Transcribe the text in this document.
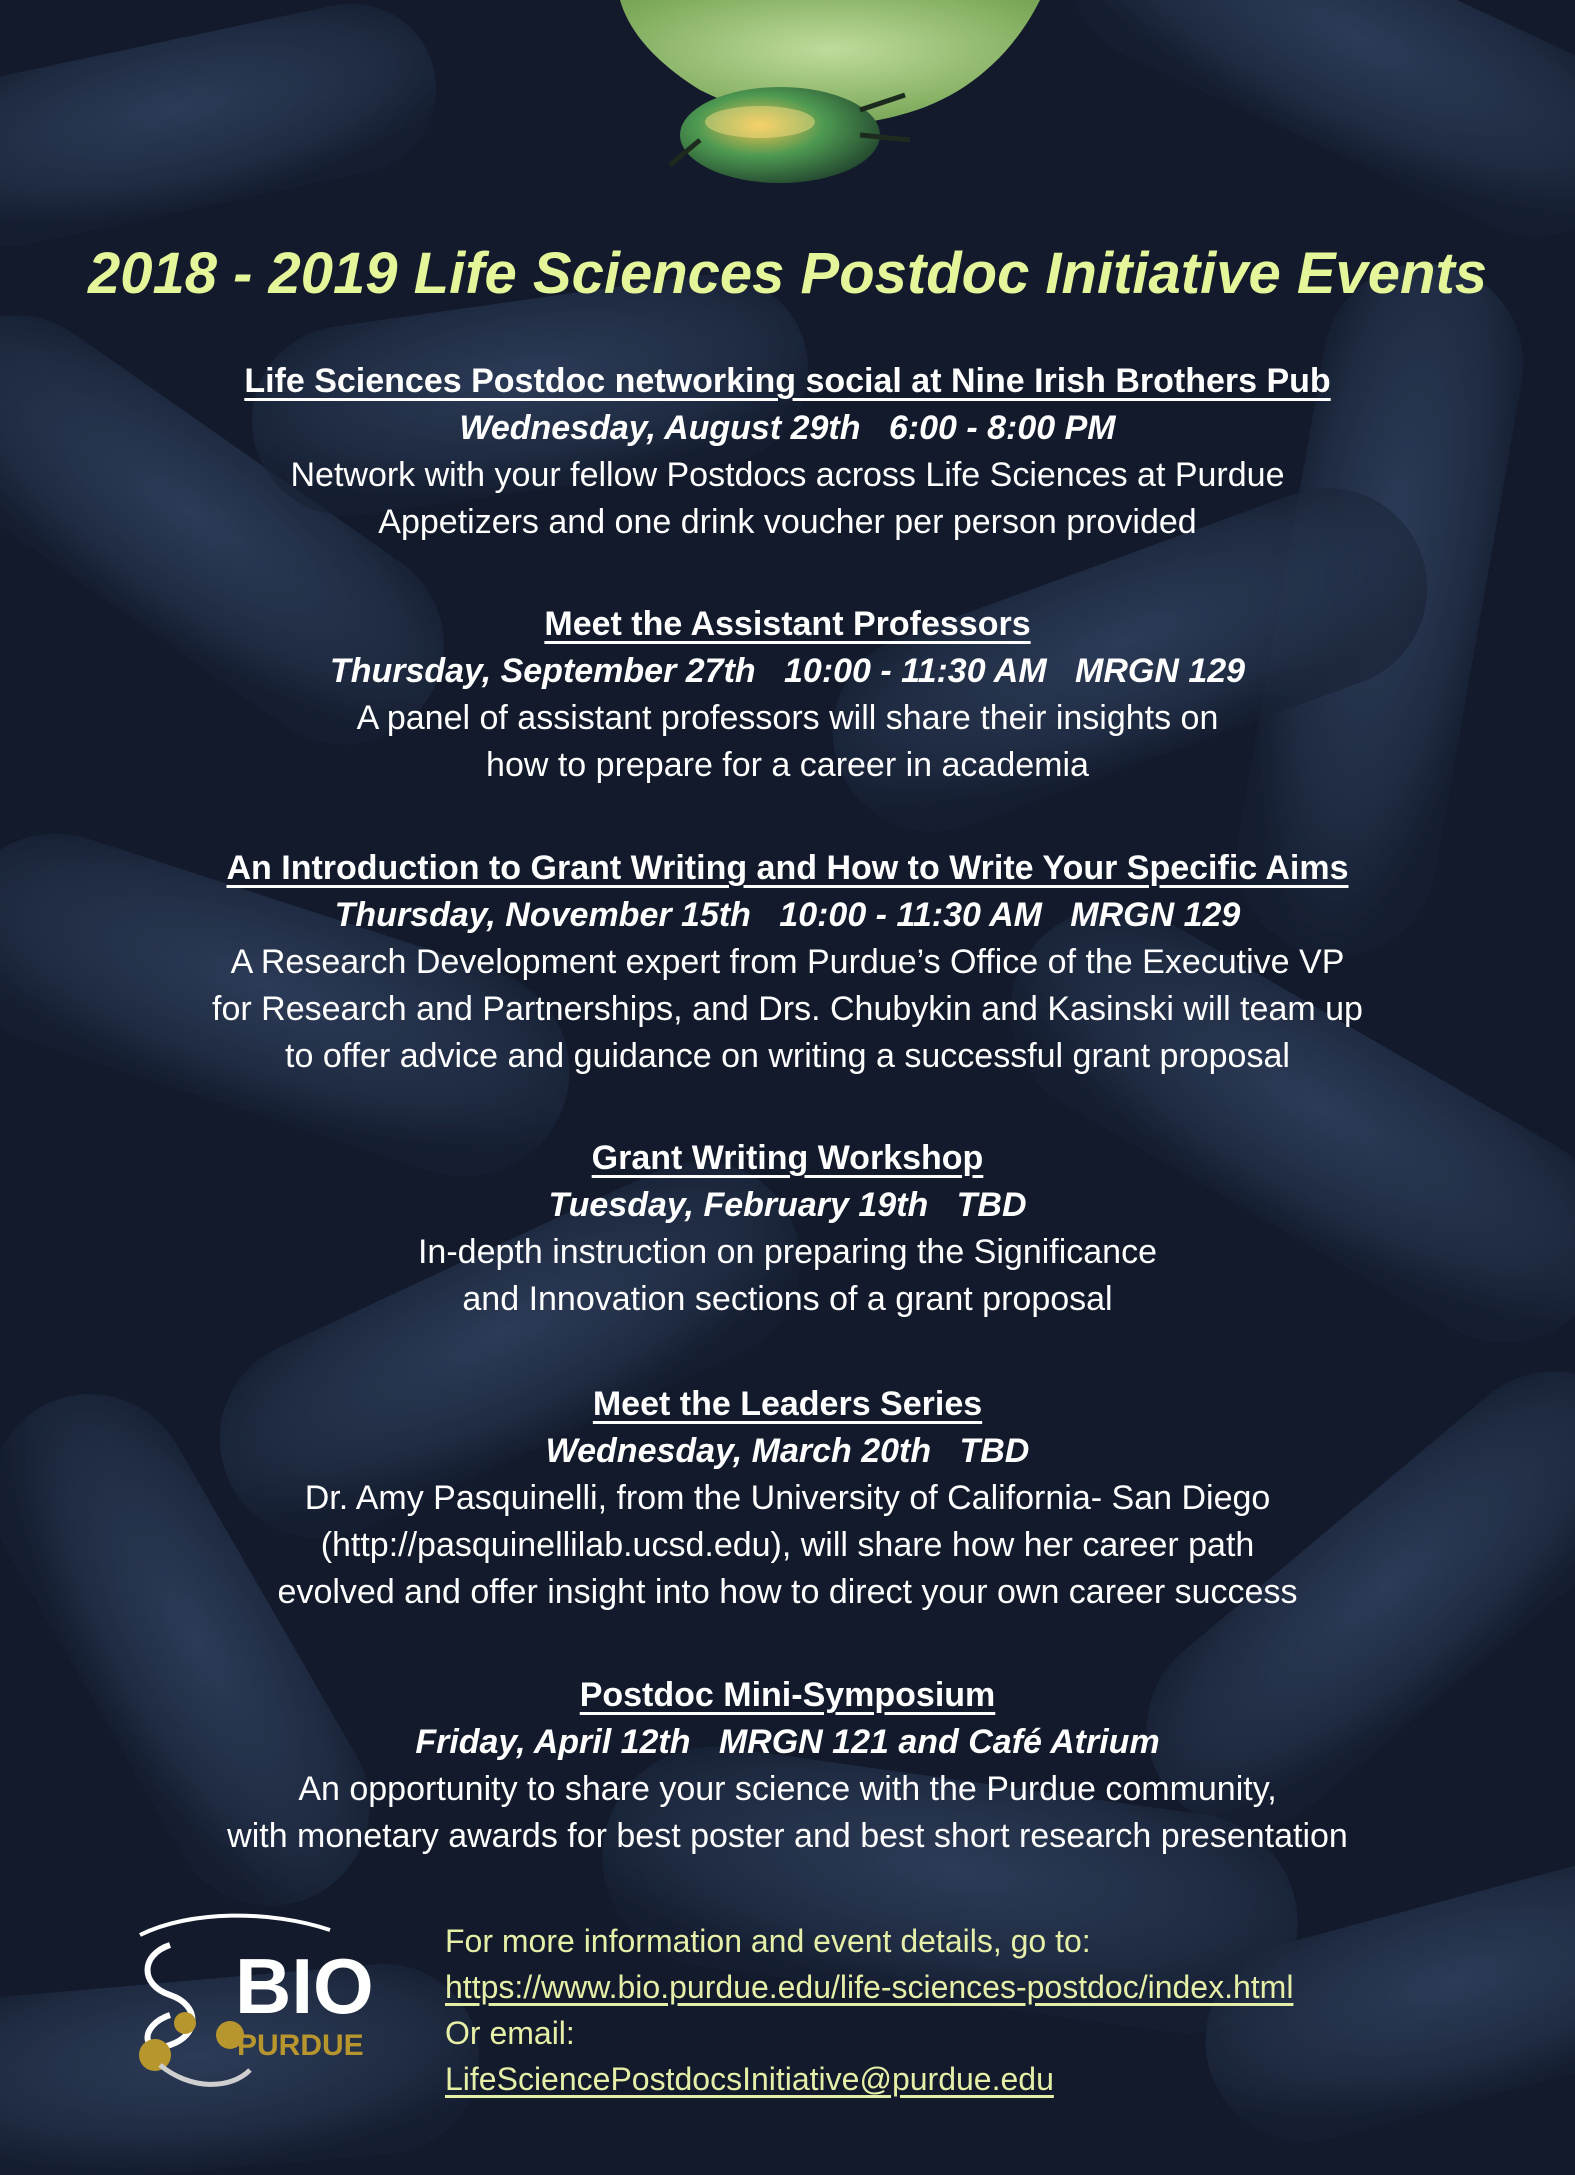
2018 - 2019 Life Sciences Postdoc Initiative Events
Life Sciences Postdoc networking social at Nine Irish Brothers Pub
Wednesday, August 29th   6:00 - 8:00 PM
Network with your fellow Postdocs across Life Sciences at Purdue
Appetizers and one drink voucher per person provided
Meet the Assistant Professors
Thursday, September 27th   10:00 - 11:30 AM   MRGN 129
A panel of assistant professors will share their insights on
how to prepare for a career in academia
An Introduction to Grant Writing and How to Write Your Specific Aims
Thursday, November 15th   10:00 - 11:30 AM   MRGN 129
A Research Development expert from Purdue’s Office of the Executive VP
for Research and Partnerships, and Drs. Chubykin and Kasinski will team up
to offer advice and guidance on writing a successful grant proposal
Grant Writing Workshop
Tuesday, February 19th   TBD
In-depth instruction on preparing the Significance
and Innovation sections of a grant proposal
Meet the Leaders Series
Wednesday, March 20th   TBD
Dr. Amy Pasquinelli, from the University of California- San Diego
(http://pasquinellilab.ucsd.edu), will share how her career path
evolved and offer insight into how to direct your own career success
Postdoc Mini-Symposium
Friday, April 12th   MRGN 121 and Café Atrium
An opportunity to share your science with the Purdue community,
with monetary awards for best poster and best short research presentation
BIO
PURDUE
For more information and event details, go to:
https://www.bio.purdue.edu/life-sciences-postdoc/index.html
Or email:
LifeSciencePostdocsInitiative@purdue.edu
